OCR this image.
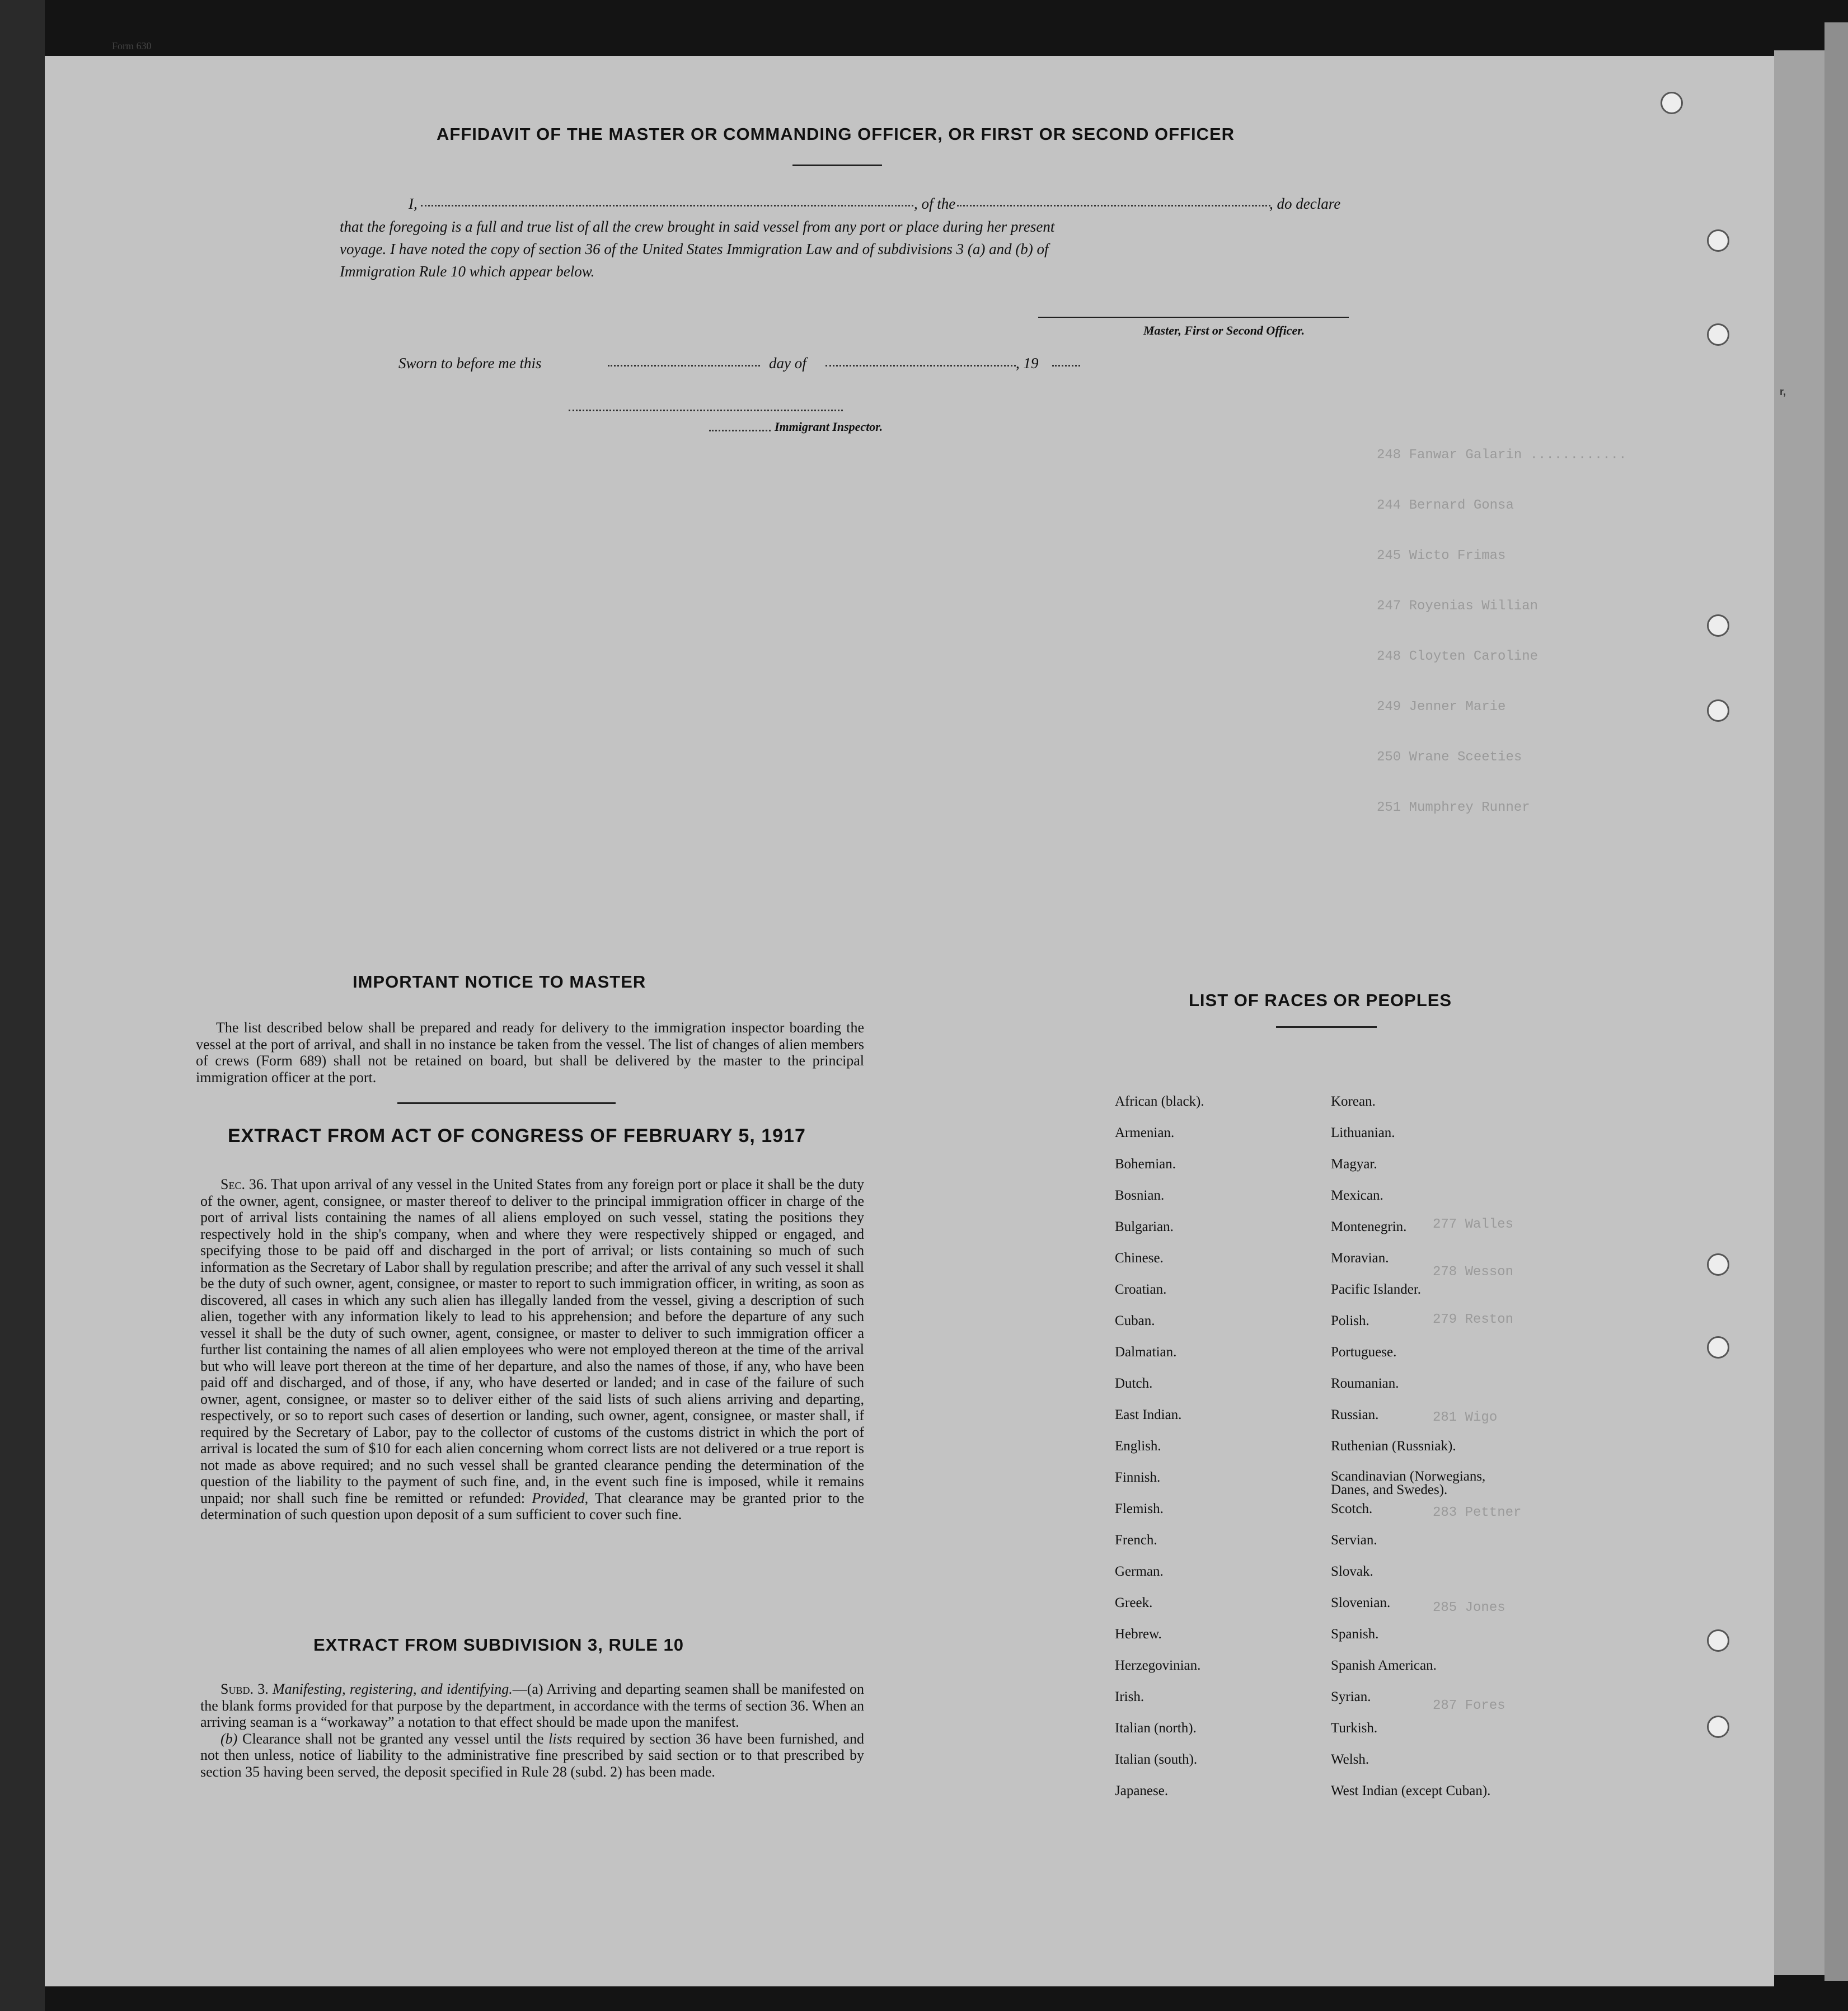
r,
Form 630
248 Fanwar Galarin ............
244 Bernard Gonsa
245 Wicto Frimas
247 Royenias Willian
248 Cloyten Caroline
249 Jenner Marie
250 Wrane Sceeties
251 Mumphrey Runner
277 Walles
278 Wesson
279 Reston
281 Wigo
283 Pettner
285 Jones
287 Fores
AFFIDAVIT OF THE MASTER OR COMMANDING OFFICER, OR FIRST OR SECOND OFFICER
I,	, of the	, do declare
that the foregoing is a full and true list of all the crew brought in said vessel from any port or place during her present
voyage. I have noted the copy of section 36 of the United States Immigration Law and of subdivisions 3 (a) and (b) of
Immigration Rule 10 which appear below.
Master, First or Second Officer.
Sworn to before me this	day of	, 19
Immigrant Inspector.
IMPORTANT NOTICE TO MASTER
The list described below shall be prepared and ready for delivery to the immigration inspector boarding the vessel at the port of arrival, and shall in no instance be taken from the vessel. The list of changes of alien members of crews (Form 689) shall not be retained on board, but shall be delivered by the master to the principal immigration officer at the port.
EXTRACT FROM ACT OF CONGRESS OF FEBRUARY 5, 1917
Sec. 36. That upon arrival of any vessel in the United States from any foreign port or place it shall be the duty of the owner, agent, consignee, or master thereof to deliver to the principal immigration officer in charge of the port of arrival lists containing the names of all aliens employed on such vessel, stating the positions they respectively hold in the ship's company, when and where they were respectively shipped or engaged, and specifying those to be paid off and discharged in the port of arrival; or lists containing so much of such information as the Secretary of Labor shall by regulation prescribe; and after the arrival of any such vessel it shall be the duty of such owner, agent, consignee, or master to report to such immigration officer, in writing, as soon as discovered, all cases in which any such alien has illegally landed from the vessel, giving a description of such alien, together with any information likely to lead to his apprehension; and before the departure of any such vessel it shall be the duty of such owner, agent, consignee, or master to deliver to such immigration officer a further list containing the names of all alien employees who were not employed thereon at the time of the arrival but who will leave port thereon at the time of her departure, and also the names of those, if any, who have been paid off and discharged, and of those, if any, who have deserted or landed; and in case of the failure of such owner, agent, consignee, or master so to deliver either of the said lists of such aliens arriving and departing, respectively, or so to report such cases of desertion or landing, such owner, agent, consignee, or master shall, if required by the Secretary of Labor, pay to the collector of customs of the customs district in which the port of arrival is located the sum of $10 for each alien concerning whom correct lists are not delivered or a true report is not made as above required; and no such vessel shall be granted clearance pending the determination of the question of the liability to the payment of such fine, and, in the event such fine is imposed, while it remains unpaid; nor shall such fine be remitted or refunded: Provided, That clearance may be granted prior to the determination of such question upon deposit of a sum sufficient to cover such fine.
EXTRACT FROM SUBDIVISION 3, RULE 10
Subd. 3. Manifesting, registering, and identifying.—(a) Arriving and departing seamen shall be manifested on the blank forms provided for that purpose by the department, in accordance with the terms of section 36. When an arriving seaman is a “workaway” a notation to that effect should be made upon the manifest.
(b) Clearance shall not be granted any vessel until the lists required by section 36 have been furnished, and not then unless, notice of liability to the administrative fine prescribed by said section or to that prescribed by section 35 having been served, the deposit specified in Rule 28 (subd. 2) has been made.
LIST OF RACES OR PEOPLES
African (black).
Armenian.
Bohemian.
Bosnian.
Bulgarian.
Chinese.
Croatian.
Cuban.
Dalmatian.
Dutch.
East Indian.
English.
Finnish.
Flemish.
French.
German.
Greek.
Hebrew.
Herzegovinian.
Irish.
Italian (north).
Italian (south).
Japanese.
Korean.
Lithuanian.
Magyar.
Mexican.
Montenegrin.
Moravian.
Pacific Islander.
Polish.
Portuguese.
Roumanian.
Russian.
Ruthenian (Russniak).
Scandinavian (Norwegians, Danes, and Swedes).
Scotch.
Servian.
Slovak.
Slovenian.
Spanish.
Spanish American.
Syrian.
Turkish.
Welsh.
West Indian (except Cuban).
